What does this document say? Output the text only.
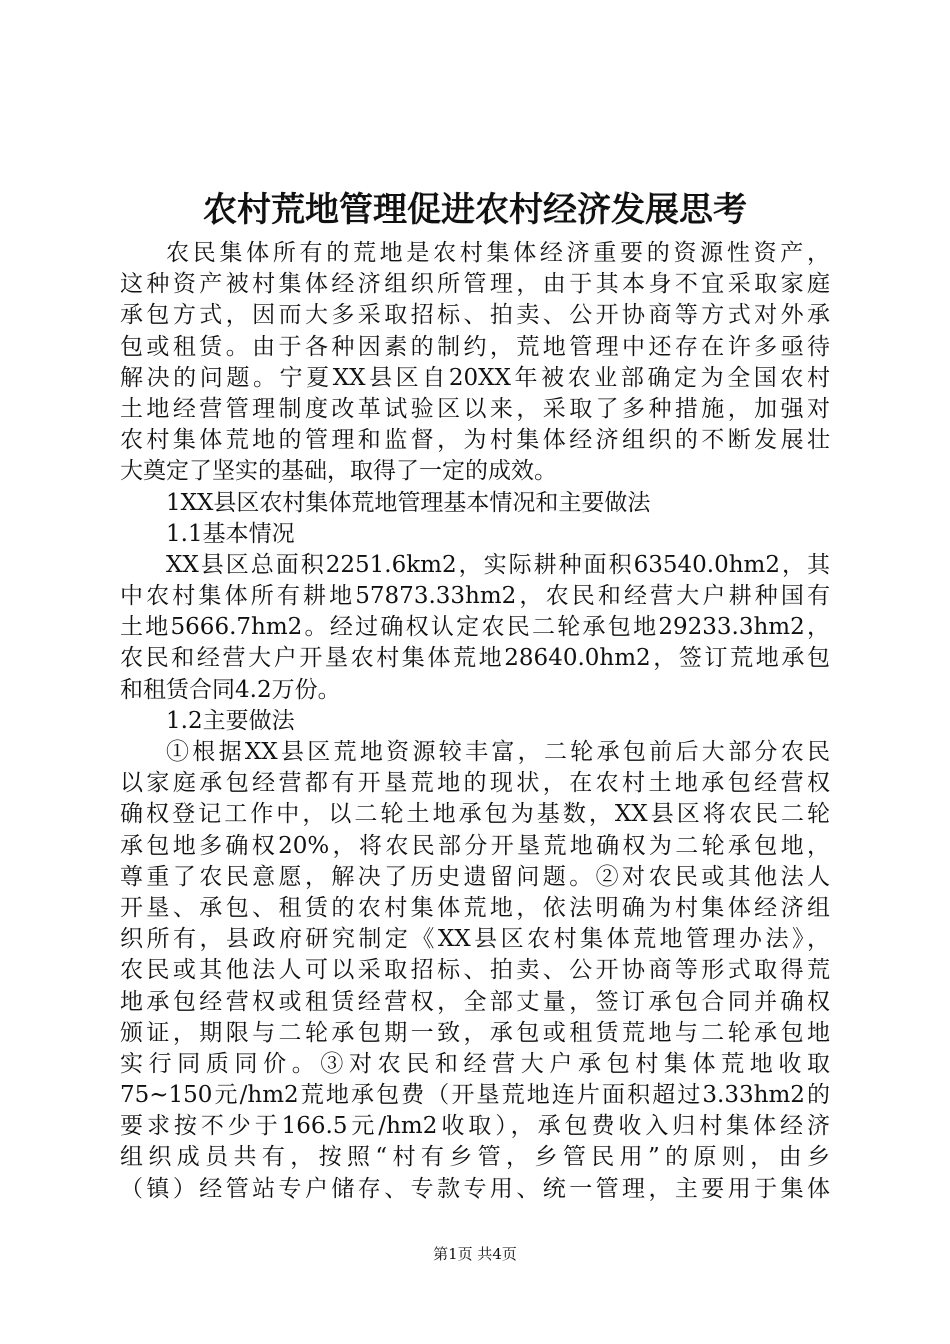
农村荒地管理促进农村经济发展思考
农民集体所有的荒地是农村集体经济重要的资源性资产，
这种资产被村集体经济组织所管理，由于其本身不宜采取家庭
承包方式，因而大多采取招标、拍卖、公开协商等方式对外承
包或租赁。由于各种因素的制约，荒地管理中还存在许多亟待
解决的问题。宁夏XX县区自20XX年被农业部确定为全国农村
土地经营管理制度改革试验区以来，采取了多种措施，加强对
农村集体荒地的管理和监督，为村集体经济组织的不断发展壮
大奠定了坚实的基础，取得了一定的成效。
1XX县区农村集体荒地管理基本情况和主要做法
1.1基本情况
XX县区总面积2251.6km2，实际耕种面积63540.0hm2，其
中农村集体所有耕地57873.33hm2，农民和经营大户耕种国有
土地5666.7hm2。经过确权认定农民二轮承包地29233.3hm2，
农民和经营大户开垦农村集体荒地28640.0hm2，签订荒地承包
和租赁合同4.2万份。
1.2主要做法
①根据XX县区荒地资源较丰富，二轮承包前后大部分农民
以家庭承包经营都有开垦荒地的现状，在农村土地承包经营权
确权登记工作中，以二轮土地承包为基数，XX县区将农民二轮
承包地多确权20%，将农民部分开垦荒地确权为二轮承包地，
尊重了农民意愿，解决了历史遗留问题。②对农民或其他法人
开垦、承包、租赁的农村集体荒地，依法明确为村集体经济组
织所有，县政府研究制定《XX县区农村集体荒地管理办法》，
农民或其他法人可以采取招标、拍卖、公开协商等形式取得荒
地承包经营权或租赁经营权，全部丈量，签订承包合同并确权
颁证，期限与二轮承包期一致，承包或租赁荒地与二轮承包地
实行同质同价。③对农民和经营大户承包村集体荒地收取
75~150元/hm2荒地承包费（开垦荒地连片面积超过3.33hm2的
要求按不少于166.5元/hm2收取），承包费收入归村集体经济
组织成员共有，按照“村有乡管，乡管民用”的原则，由乡
（镇）经管站专户储存、专款专用、统一管理，主要用于集体
第1页 共4页
